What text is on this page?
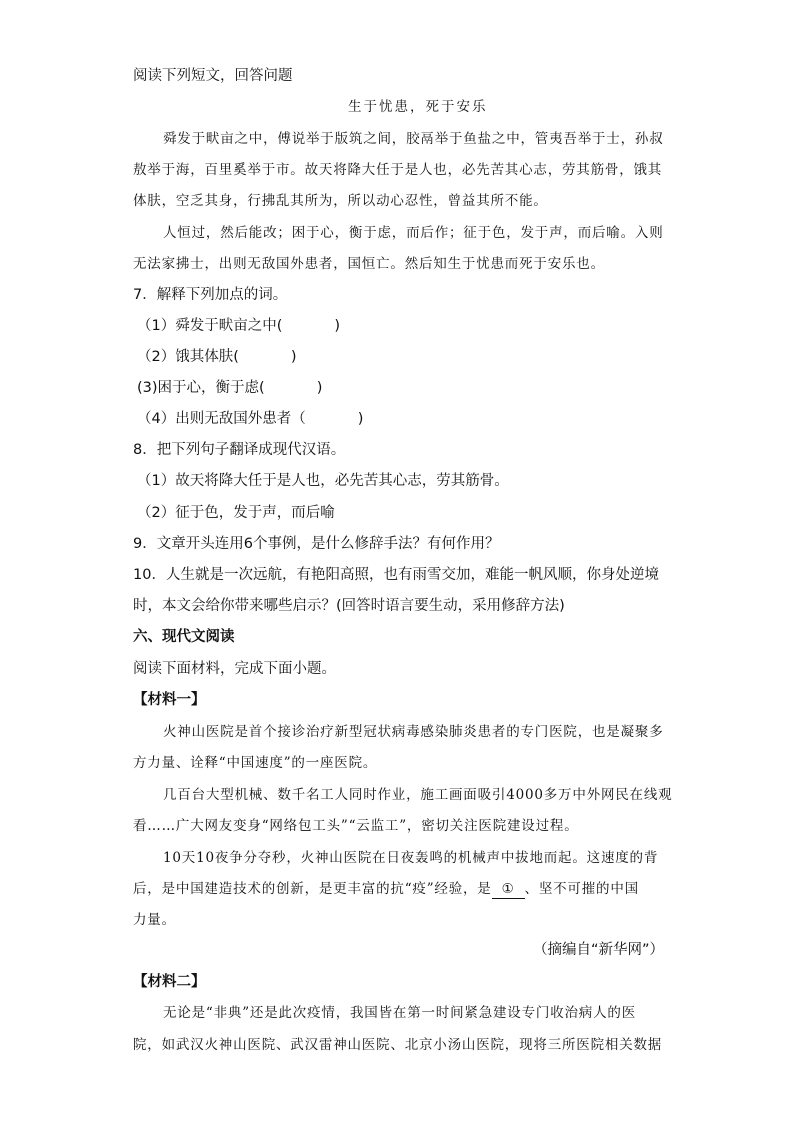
阅读下列短文，回答问题
生于忧患，死于安乐
舜发于畎亩之中，傅说举于版筑之间，胶鬲举于鱼盐之中，管夷吾举于士，孙叔
敖举于海，百里奚举于市。故天将降大任于是人也，必先苦其心志，劳其筋骨，饿其
体肤，空乏其身，行拂乱其所为，所以动心忍性，曾益其所不能。
人恒过，然后能改；困于心，衡于虑，而后作；征于色，发于声，而后喻。入则
无法家拂士，出则无敌国外患者，国恒亡。然后知生于忧患而死于安乐也。
7．解释下列加点的词。
（1）舜发于畎亩之中(	)
（2）饿其体肤(	)
(3)困于心，衡于虑(	)
（4）出则无敌国外患者（	)
8．把下列句子翻译成现代汉语。
（1）故天将降大任于是人也，必先苦其心志，劳其筋骨。
（2）征于色，发于声，而后喻
9．文章开头连用6个事例，是什么修辞手法？有何作用？
10．人生就是一次远航，有艳阳高照，也有雨雪交加，难能一帆风顺，你身处逆境
时，本文会给你带来哪些启示？(回答时语言要生动，采用修辞方法)
六、现代文阅读
阅读下面材料，完成下面小题。
【材料一】
火神山医院是首个接诊治疗新型冠状病毒感染肺炎患者的专门医院，也是凝聚多
方力量、诠释“中国速度”的一座医院。
几百台大型机械、数千名工人同时作业，施工画面吸引4000多万中外网民在线观
看……广大网友变身“网络包工头”“云监工”，密切关注医院建设过程。
10天10夜争分夺秒，火神山医院在日夜轰鸣的机械声中拔地而起。这速度的背
后，是中国建造技术的创新，是更丰富的抗“疫”经验，是 ① 、坚不可摧的中国
力量。
（摘编自“新华网”）
【材料二】
无论是“非典”还是此次疫情，我国皆在第一时间紧急建设专门收治病人的医
院，如武汉火神山医院、武汉雷神山医院、北京小汤山医院，现将三所医院相关数据
